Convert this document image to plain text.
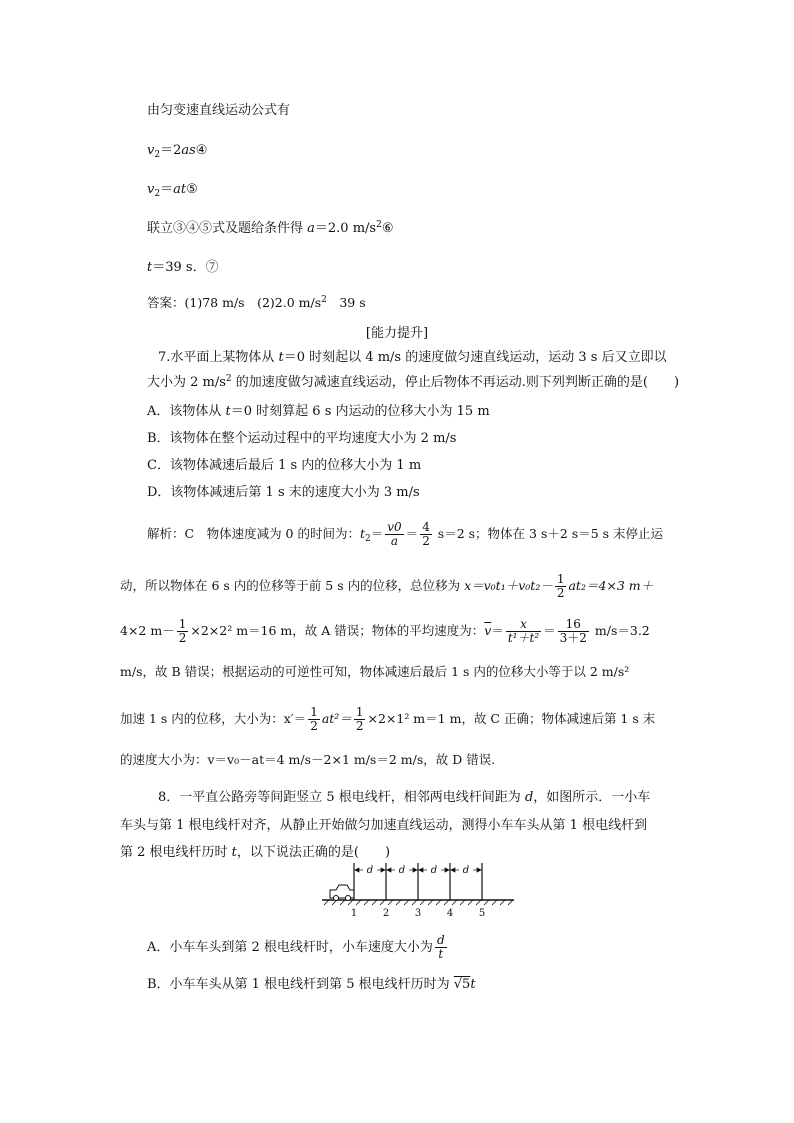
由匀变速直线运动公式有
$v_2=2as④$
$v_2=at⑤$
联立③④⑤式及题给条件得 a＝2.0 $m/s^2⑥$
t＝39 s．⑦
答案：(1)78 m/s　(2)2.0 $m/s^2$　39 s
[能力提升]
7.水平面上某物体从 t＝0 时刻起以 4 m/s 的速度做匀速直线运动，运动 3 s 后又立即以
大小为 2 $m/s^2$ 的加速度做匀减速直线运动，停止后物体不再运动.则下列判断正确的是(　　)
A．该物体从 t＝0 时刻算起 6 s 内运动的位移大小为 15 m
B．该物体在整个运动过程中的平均速度大小为 2 m/s
C．该物体减速后最后 1 s 内的位移大小为 1 m
D．该物体减速后第 1 s 末的速度大小为 3 m/s
解析：C　物体速度减为 0 的时间为：$t_2= \frac{v0}{a} = \frac{4}{2} s=2$ s；物体在 3 s＋2 s＝5 s 末停止运
动，所以物体在 6 s 内的位移等于前 5 s 内的位移，总位移为 $x=v_0t_1+v_0t_2- \frac{1}{2} at_2=4\times 3$ m＋
4×2 $m- \frac{1}{2} \times 2\times 2^2$ m＝16 m，故 A 错误；物体的平均速度为：$\overline{v}= \frac{x}{\text{t¹＋t²}} = \frac{16}{3+2} m/s=3.2$
m/s，故 B 错误；根据运动的可逆性可知，物体减速后最后 1 s 内的位移大小等于以 2 m/s²
加速 1 s 内的位移，大小为：$x'= \frac{1}{2} at^2= \frac{1}{2} \times 2\times 1^2$ m＝1 m，故 C 正确；物体减速后第 1 s 末
的速度大小为：v＝v₀－at＝4 m/s－2×1 m/s＝2 m/s，故 D 错误.
8．一平直公路旁等间距竖立 5 根电线杆，相邻两电线杆间距为 d，如图所示．一小车
车头与第 1 根电线杆对齐，从静止开始做匀加速直线运动，测得小车车头从第 1 根电线杆到
第 2 根电线杆历时 t，以下说法正确的是(　　)
d	d	d	d
1	2	3	4	5
A．小车车头到第 2 根电线杆时，小车速度大小为 $\frac{d}{t}$
B．小车车头从第 1 根电线杆到第 5 根电线杆历时为 √5t
